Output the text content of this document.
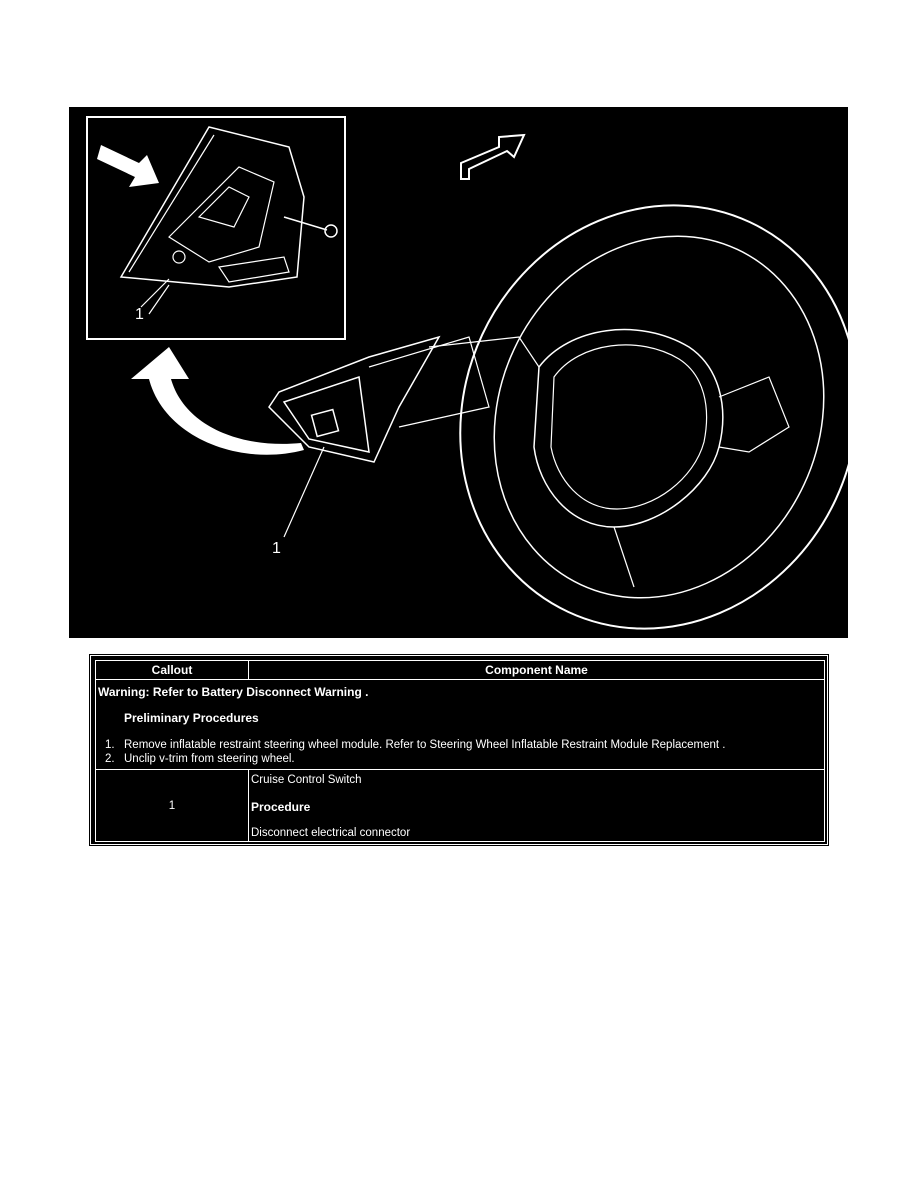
1
1
Callout	Component Name
Warning: Refer to Battery Disconnect Warning .
Preliminary Procedures
1. Remove inflatable restraint steering wheel module. Refer to Steering Wheel Inflatable Restraint Module Replacement .
2. Unclip v-trim from steering wheel.
1
Cruise Control Switch
Procedure
Disconnect electrical connector
